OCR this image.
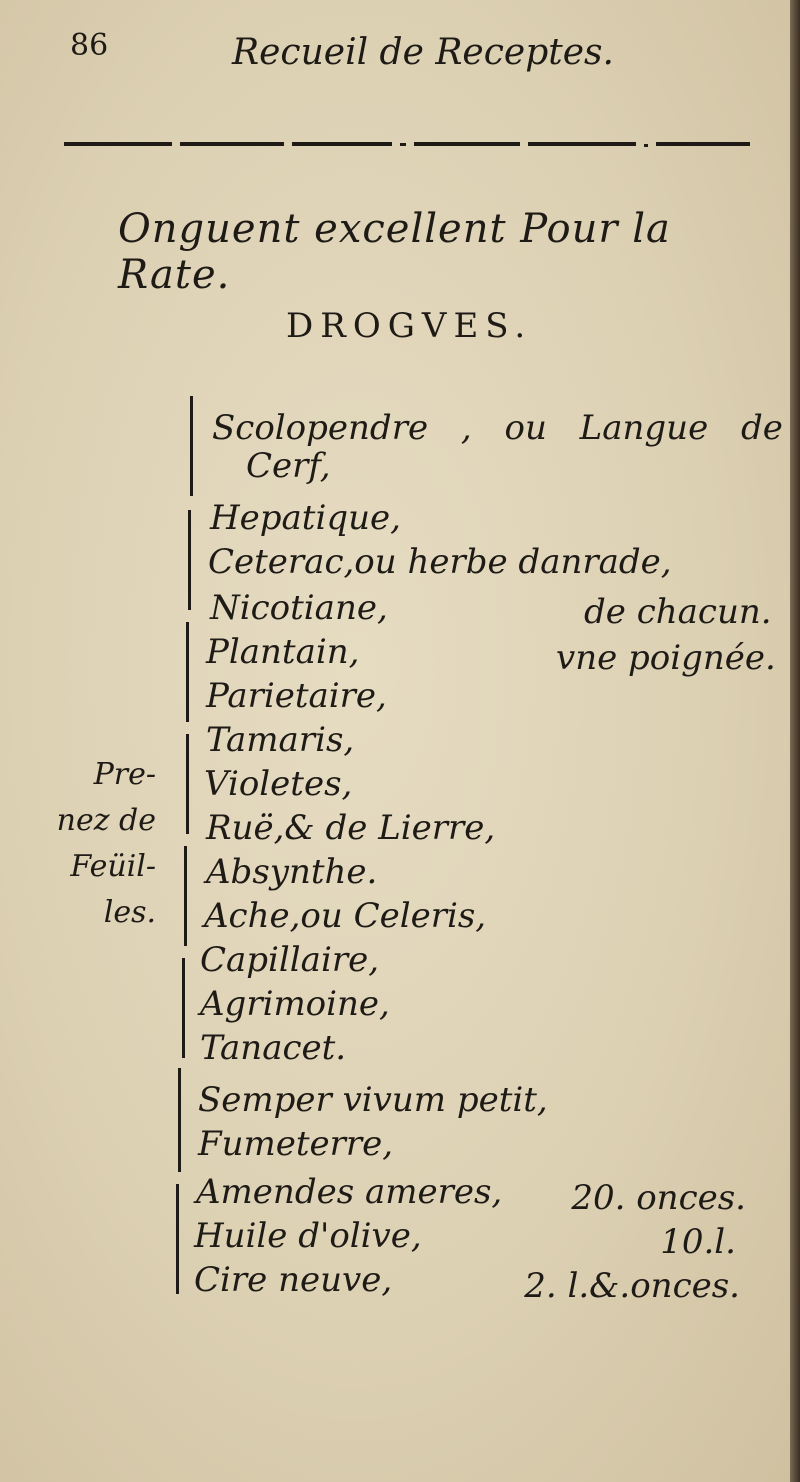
86	Recueil de Receptes.
Onguent excellent Pour la Rate.
DROGVES.
Pre-
nez de
Feüil-
les.
Scolopendre , ou Langue de
Cerf,
Hepatique,
Ceterac,ou herbe danrade,
Nicotiane,
Plantain,
Parietaire,
Tamaris,
Violetes,
Ruë,& de Lierre,
Absynthe.
Ache,ou Celeris,
Capillaire,
Agrimoine,
Tanacet.
Semper vivum petit,
Fumeterre,
Amendes ameres,
Huile d'olive,
Cire neuve,
de chacun.
vne poignée.
20. onces.
10.l.
2. l.&.onces.
